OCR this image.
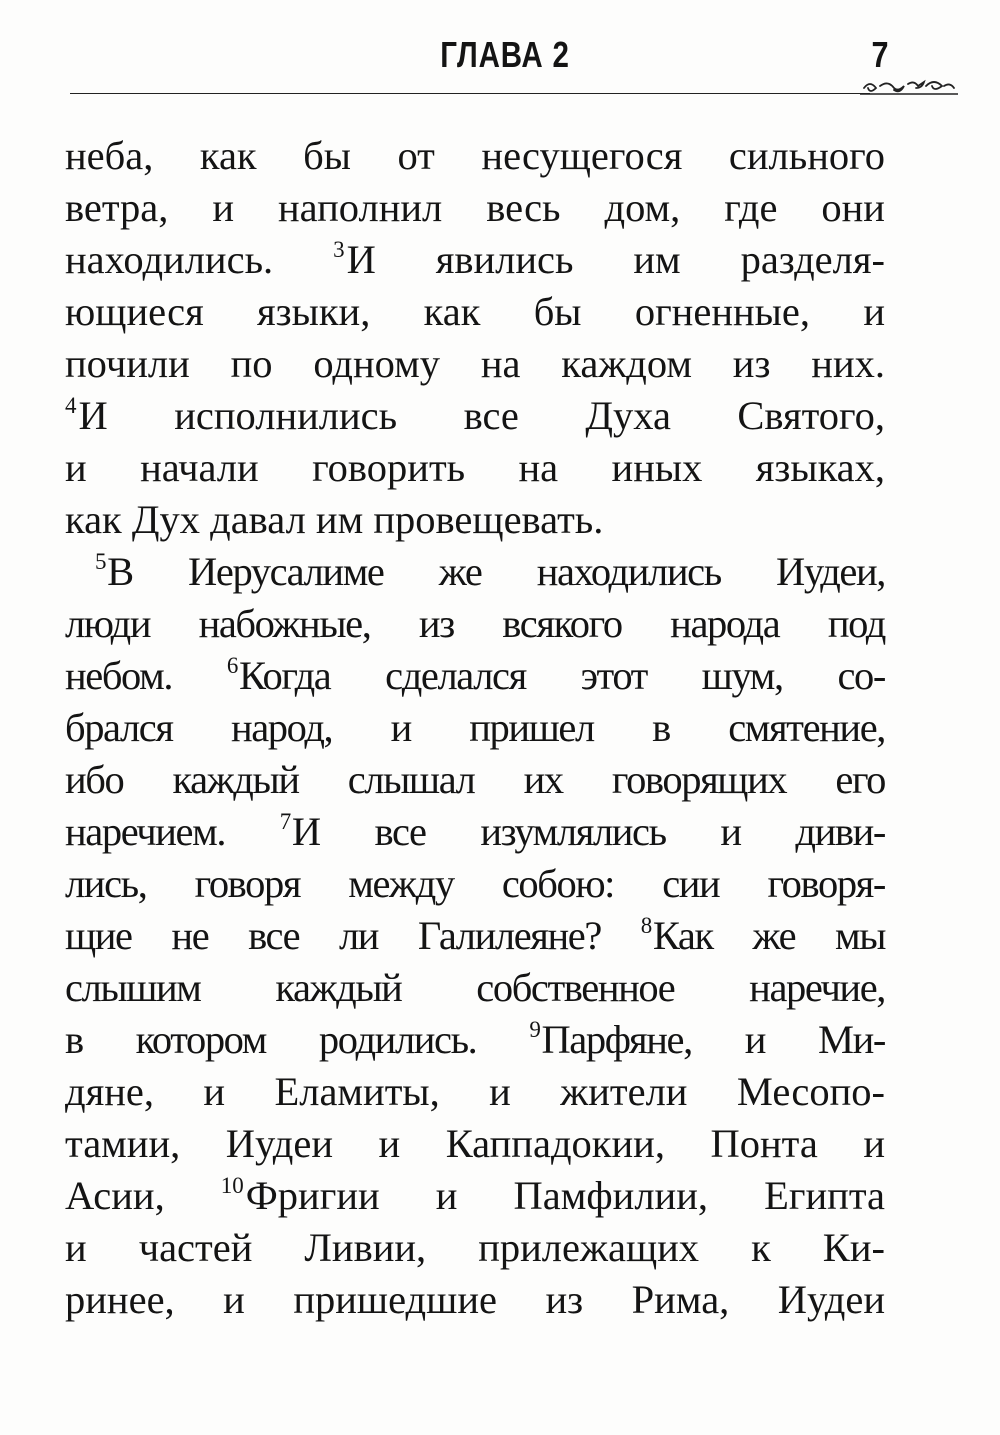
ГЛАВА 2	7
неба, как бы от несущегося сильного
ветра, и наполнил весь дом, где они
находились. $^3$И явились им разделя-
ющиеся языки, как бы огненные, и
почили по одному на каждом из них.
$^4$И исполнились все Духа Святого,
и начали говорить на иных языках,
как Дух давал им провещевать.
$^5$В Иерусалиме же находились Иудеи,
люди набожные, из всякого народа под
небом. $^6$Когда сделался этот шум, со-
брался народ, и пришел в смятение,
ибо каждый слышал их говорящих его
наречием. $^7$И все изумлялись и диви-
лись, говоря между собою: сии говоря-
щие не все ли Галилеяне? $^8$Как же мы
слышим каждый собственное наречие,
в котором родились. $^9$Парфяне, и Ми-
дяне, и Еламиты, и жители Месопо-
тамии, Иудеи и Каппадокии, Понта и
Асии, $^{10}$Фригии и Памфилии, Египта
и частей Ливии, прилежащих к Ки-
ринее, и пришедшие из Рима, Иудеи
